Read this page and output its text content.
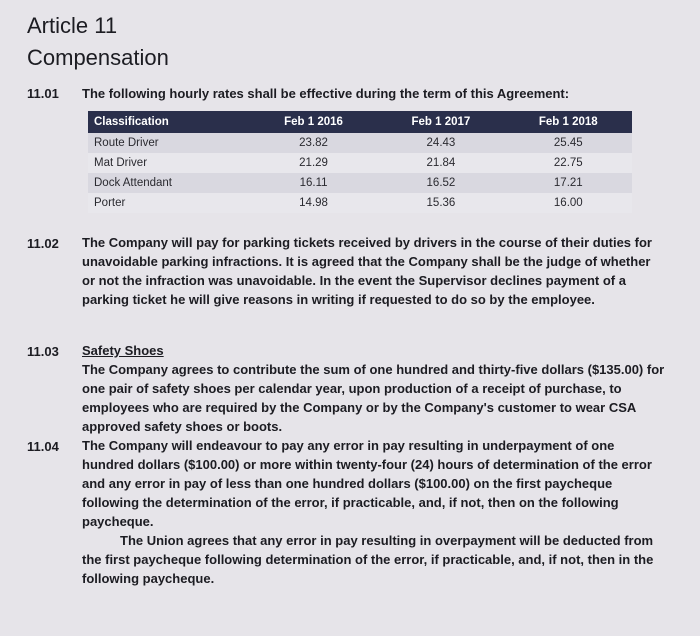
Article 11
Compensation
11.01 The following hourly rates shall be effective during the term of this Agreement:
Classification	Feb 1 2016	Feb 1 2017	Feb 1 2018
Route Driver	23.82	24.43	25.45
Mat Driver	21.29	21.84	22.75
Dock Attendant	16.11	16.52	17.21
Porter	14.98	15.36	16.00
11.02 The Company will pay for parking tickets received by drivers in the course of their duties for unavoidable parking infractions. It is agreed that the Company shall be the judge of whether or not the infraction was unavoidable. In the event the Supervisor declines payment of a parking ticket he will give reasons in writing if requested to do so by the employee.

11.03 Safety Shoes

The Company agrees to contribute the sum of one hundred and thirty-five dollars ($135.00) for one pair of safety shoes per calendar year, upon production of a receipt of purchase, to employees who are required by the Company or by the Company's customer to wear CSA approved safety shoes or boots.

11.04 The Company will endeavour to pay any error in pay resulting in underpayment of one hundred dollars ($100.00) or more within twenty-four (24) hours of determination of the error and any error in pay of less than one hundred dollars ($100.00) on the first paycheque following the determination of the error, if practicable, and, if not, then on the following paycheque.

The Union agrees that any error in pay resulting in overpayment will be deducted from the first paycheque following determination of the error, if practicable, and, if not, then in the following paycheque.
